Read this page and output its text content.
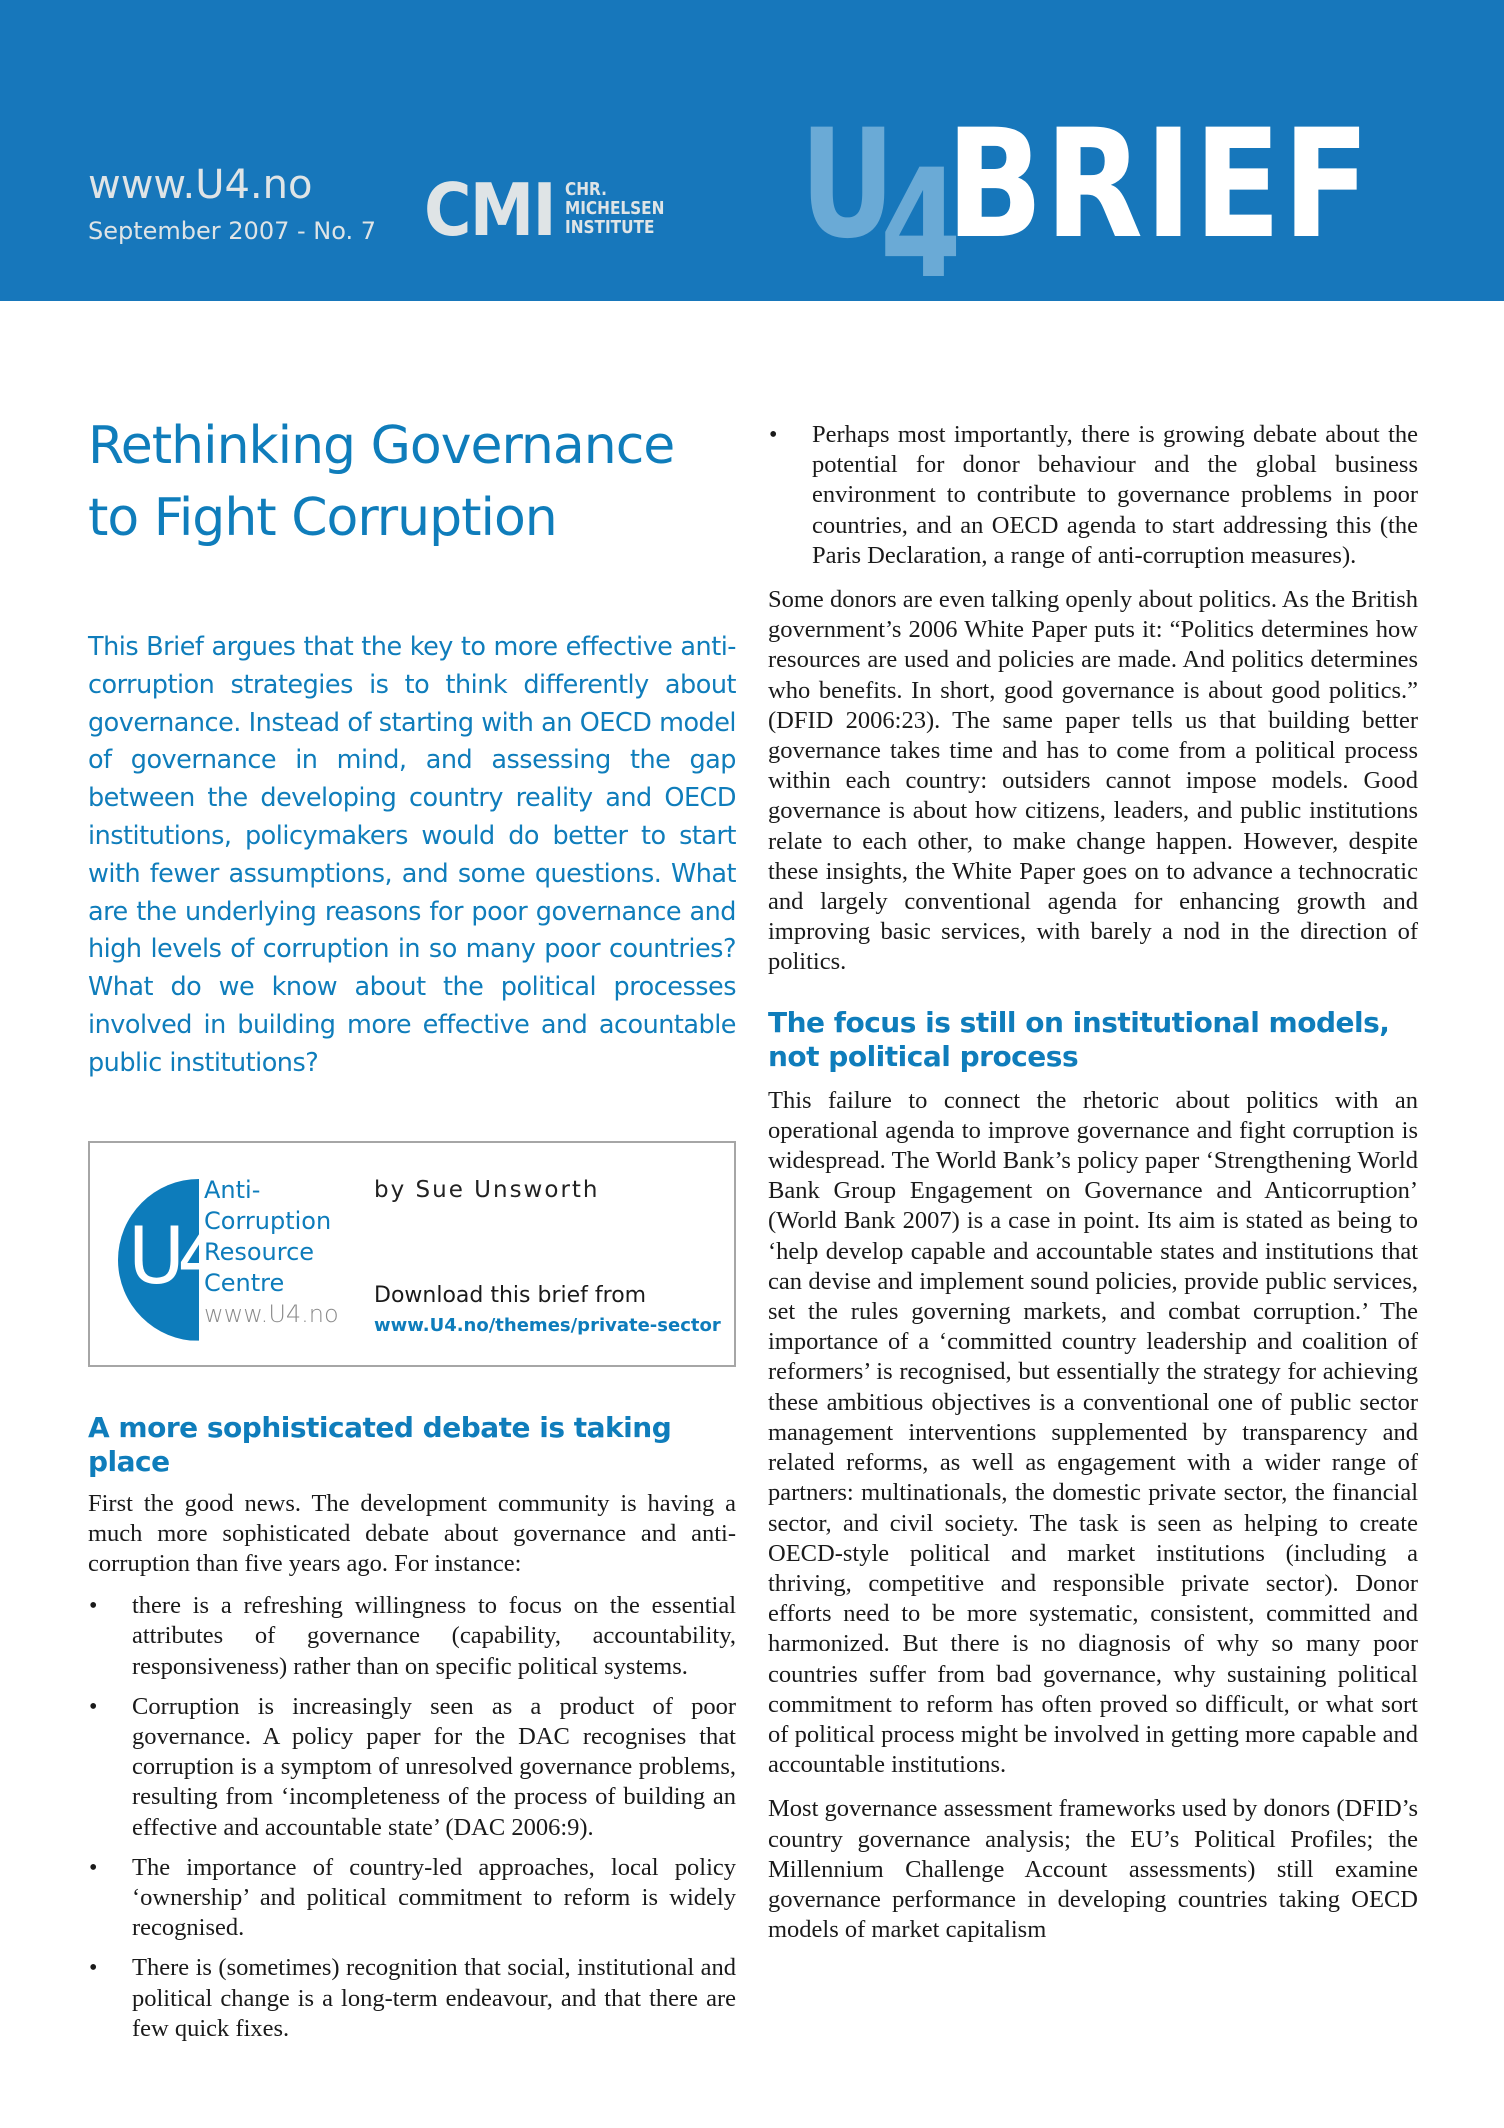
www.U4.no
September 2007 - No. 7 CMI CHR.
MICHELSEN
INSTITUTE U
4
BRIEF
Rethinking Governance
to Fight Corruption

This Brief argues that the key to more effective anti-corruption strategies is to think differently about governance. Instead of starting with an OECD model of governance in mind, and assessing the gap between the developing country reality and OECD institutions, policymakers would do better to start with fewer assumptions, and some questions. What are the underlying reasons for poor governance and high levels of corruption in so many poor countries? What do we know about the political processes involved in building more effective and acountable public institutions?

U4
Anti-
Corruption
Resource
Centre
www.U4.no
by Sue Unsworth
Download this brief from
www.U4.no/themes/private-sector
A more sophisticated debate is taking place

First the good news. The development community is having a much more sophisticated debate about governance and anti-corruption than five years ago. For instance:

• there is a refreshing willingness to focus on the essential attributes of governance (capability, accountability, responsiveness) rather than on specific political systems.

• Corruption is increasingly seen as a product of poor governance. A policy paper for the DAC recognises that corruption is a symptom of unresolved governance problems, resulting from ‘incompleteness of the process of building an effective and accountable state’ (DAC 2006:9).

• The importance of country-led approaches, local policy ‘ownership’ and political commitment to reform is widely recognised.

• There is (sometimes) recognition that social, institutional and political change is a long-term endeavour, and that there are few quick fixes.

• Perhaps most importantly, there is growing debate about the potential for donor behaviour and the global business environment to contribute to governance problems in poor countries, and an OECD agenda to start addressing this (the Paris Declaration, a range of anti-corruption measures).

Some donors are even talking openly about politics. As the British government’s 2006 White Paper puts it: “Politics determines how resources are used and policies are made. And politics determines who benefits. In short, good governance is about good politics.” (DFID 2006:23). The same paper tells us that building better governance takes time and has to come from a political process within each country: outsiders cannot impose models. Good governance is about how citizens, leaders, and public institutions relate to each other, to make change happen. However, despite these insights, the White Paper goes on to advance a technocratic and largely conventional agenda for enhancing growth and improving basic services, with barely a nod in the direction of politics.

The focus is still on institutional models,
not political process

This failure to connect the rhetoric about politics with an operational agenda to improve governance and fight corruption is widespread. The World Bank’s policy paper ‘Strengthening World Bank Group Engagement on Governance and Anticorruption’ (World Bank 2007) is a case in point. Its aim is stated as being to ‘help develop capable and accountable states and institutions that can devise and implement sound policies, provide public services, set the rules governing markets, and combat corruption.’ The importance of a ‘committed country leadership and coalition of reformers’ is recognised, but essentially the strategy for achieving these ambitious objectives is a conventional one of public sector management interventions supplemented by transparency and related reforms, as well as engagement with a wider range of partners: multinationals, the domestic private sector, the financial sector, and civil society. The task is seen as helping to create OECD-style political and market institutions (including a thriving, competitive and responsible private sector). Donor efforts need to be more systematic, consistent, committed and harmonized. But there is no diagnosis of why so many poor countries suffer from bad governance, why sustaining political commitment to reform has often proved so difficult, or what sort of political process might be involved in getting more capable and accountable institutions.

Most governance assessment frameworks used by donors (DFID’s country governance analysis; the EU’s Political Profiles; the Millennium Challenge Account assessments) still examine governance performance in developing countries taking OECD models of market capitalism
